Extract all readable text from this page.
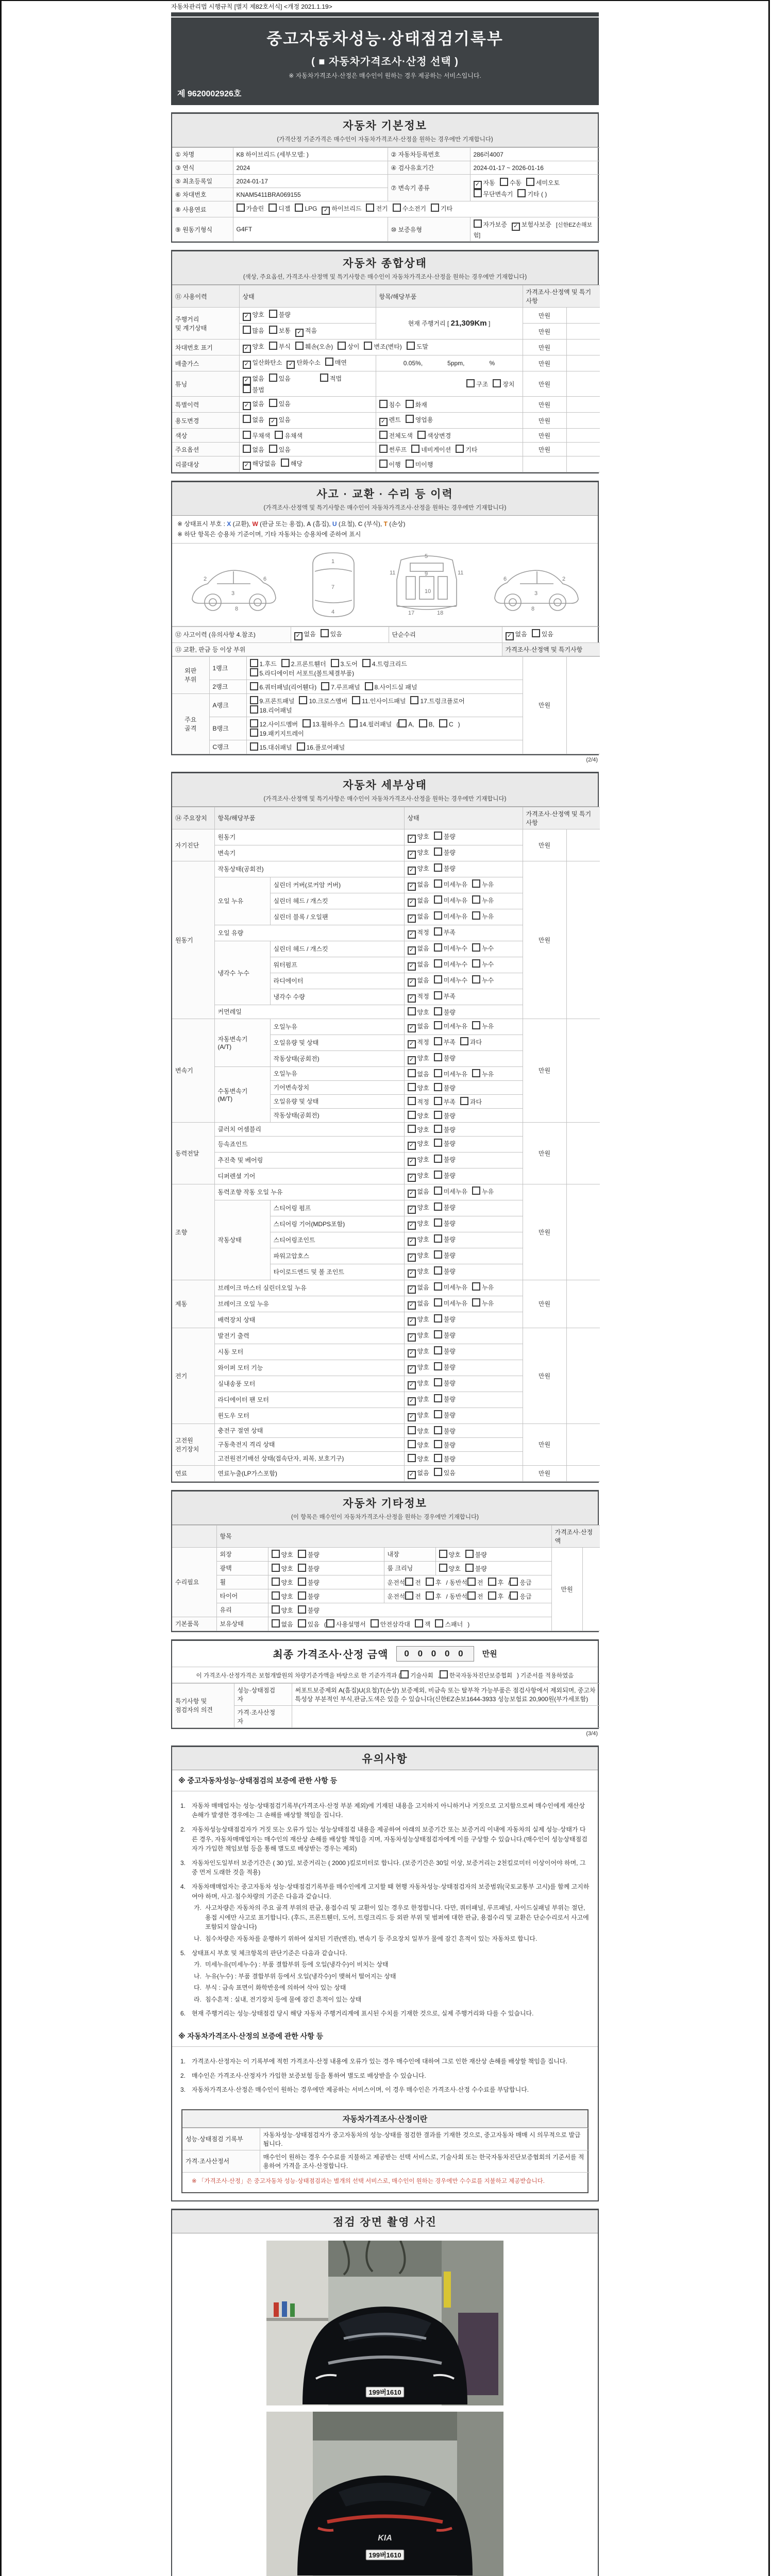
자동차관리법 시행규칙 [별지 제82호서식] <개정 2021.1.19>
중고자동차성능·상태점검기록부
( ■ 자동차가격조사·산정 선택 )
※ 자동차가격조사·산정은 매수인이 원하는 경우 제공하는 서비스입니다.
제 9620002926호
자동차 기본정보
(가격산정 기준가격은 매수인이 자동차가격조사·산정을 원하는 경우에만 기재합니다)
① 차명	K8 하이브리드 (세부모델: )	② 자동차등록번호	286러4007
③ 연식	2024	④ 검사유효기간	2024-01-17 ~ 2026-01-16
⑤ 최초등록일	2024-01-17	⑦ 변속기 종류	✓자동 수동 세미오토
무단변속기 기타 ( )
⑥ 차대번호	KNAM5411BRA069155		
⑧ 사용연료	가솔린 디젤 LPG ✓ 하이브리드 전기 수소전기 기타
⑨ 원동기형식	G4FT	⑩ 보증유형	자가보증 ✓ 보험사보증 [신한EZ손해보험]
자동차 종합상태
(색상, 주요옵션, 가격조사·산정액 및 특기사항은 매수인이 자동차가격조사·산정을 원하는 경우에만 기재합니다)
⑪ 사용이력	상태	항목/해당부품	가격조사·산정액 및 특기사항	
주행거리
및 계기상태	✓양호 불량	현재 주행거리 [ 21,309Km ]	만원	
	많음 보통 ✓ 적음		만원	
차대번호 표기	✓양호 부식 훼손(오손) 상이 변조(변타) 도말		만원	
배출가스	✓일산화탄소 ✓ 탄화수소 매연	0.05%, 5ppm, %	만원	
튜닝	✓없음 있음 적법불법	구조 장치	만원	
특별이력	✓없음 있음	침수 화재	만원	
용도변경	없음 ✓ 있음	✓렌트 영업용	만원	
색상	무채색 유채색	전체도색 색상변경	만원	
주요옵션	없음 있음	썬루프 네비게이션 기타	만원	
리콜대상	✓해당없음 해당	이행 미이행		
사고 · 교환 · 수리 등 이력
(가격조사·산정액 및 특기사항은 매수인이 자동차가격조사·산정을 원하는 경우에만 기재합니다)
※ 상태표시 부호 : X (교환), W (판금 또는 용접), A (흠집), U (요철), C (부식), T (손상)
※ 하단 항목은 승용차 기준이며, 기타 자동차는 승용차에 준하여 표시
2
3
6
8
1
7
4
5
9
11	11
10
17	18
2
3
6
8
⑫ 사고이력 (유의사항 4.참조)	✓없음 있음	단순수리	✓없음 있음
⑬ 교환, 판금 등 이상 부위			가격조사·산정액 및 특기사항
외판
부위	1랭크	1.후드 2.프론트휀더 3.도어 4.트렁크리드
5.라디에이터 서포트(볼트체결부품)	만원	
	2랭크	6.쿼터패널(리어휀다) 7.루프패널 8.사이드실 패널		
주요
골격	A랭크	9.프론트패널 10.크로스멤버 11.인사이드패널 17.트렁크플로어
18.리어패널		
	B랭크	12.사이드멤버 13.휠하우스 14.필러패널 ( A, B, C )
19.패키지트레이		
	C랭크	15.대쉬패널 16.플로어패널		
(2/4)
자동차 세부상태
(가격조사·산정액 및 특기사항은 매수인이 자동차가격조사·산정을 원하는 경우에만 기재합니다)
⑭ 주요장치	항목/해당부품		상태	가격조사·산정액 및 특기사항	
자기진단	원동기	✓양호 불량	만원	
	변속기	✓양호 불량
원동기	작동상태(공회전)	✓양호 불량	만원	
	오일 누유	실린더 커버(로커암 커버)	✓없음 미세누유 누유
		실린더 헤드 / 개스킷	✓없음 미세누유 누유
		실린더 블록 / 오일팬	✓없음 미세누유 누유
	오일 유량	✓적정 부족
	냉각수 누수	실린더 헤드 / 개스킷	✓없음 미세누수 누수
		워터펌프	✓없음 미세누수 누수
		라디에이터	✓없음 미세누수 누수
		냉각수 수량	✓적정 부족
	커먼레일		양호 불량		
변속기	자동변속기
(A/T)	오일누유	✓없음 미세누유 누유	만원	
		오일유량 및 상태	✓적정 부족 과다
		작동상태(공회전)	✓양호 불량
	수동변속기
(M/T)	오일누유	없음 미세누유 누유		
		기어변속장치	양호 불량		
		오일유량 및 상태	적정 부족 과다		
		작동상태(공회전)	양호 불량		
동력전달	클러치 어셈블리		양호 불량	만원	
	등속죠인트	✓양호 불량
	추진축 및 베어링	✓양호 불량
	디퍼렌셜 기어	✓양호 불량
조향	동력조향 작동 오일 누유	✓없음 미세누유 누유	만원	
	작동상태	스티어링 펌프	✓양호 불량
		스티어링 기어(MDPS포함)	✓양호 불량
		스티어링조인트	✓양호 불량
		파워고압호스	✓양호 불량
		타이로드엔드 및 볼 조인트	✓양호 불량
제동	브레이크 마스터 실린더오일 누유	✓없음 미세누유 누유	만원	
	브레이크 오일 누유	✓없음 미세누유 누유
	배력장치 상태	✓양호 불량
전기	발전기 출력	✓양호 불량	만원	
	시동 모터	✓양호 불량
	와이퍼 모터 기능	✓양호 불량
	실내송풍 모터	✓양호 불량
	라디에이터 팬 모터	✓양호 불량
	윈도우 모터	✓양호 불량
고전원
전기장치	충전구 절연 상태		양호 불량	만원	
	구동축전지 격리 상태		양호 불량		
	고전원전기배선 상태(접속단자, 피복, 보호기구)		양호 불량		
연료	연료누출(LP가스포함)	✓없음 있음	만원	
자동차 기타정보
(이 항목은 매수인이 자동차가격조사·산정을 원하는 경우에만 기재합니다)
	항목				가격조사·산정액	
수리필요	외장	양호 불량	내장	양호 불량	만원	
	광택	양호 불량	룸 크리닝	양호 불량		
	휠	양호 불량	운전석 전 후 / 동반석 전 후 / 응급			
	타이어	양호 불량	운전석 전 후 / 동반석 전 후 / 응급			
	유리	양호 불량				
기본품목	보유상태	없음 있음 ( 사용설명서 안전삼각대 잭 스패너 )				
최종 가격조사·산정 금액	0 0 0 0 0	만원
이 가격조사·산정가격은 보험개발원의 차량기준가액을 바탕으로 한 기준가격과 ( 기술사회 , 한국자동차진단보증협회 ) 기준서를 적용하였음
특기사항 및
점검자의 의견	성능·상태점검
자	써포트보증제외 A(흠집)U(요철)T(손상) 보증제외, 비금속 또는 탈부착 가능부품은 점검사항에서 제외되며, 중고차 특성상 부분적인 부식,판금,도색은 있을 수 있습니다(신한EZ손보1644-3933 성능보험료 20,900원(부가세포함)
	가격·조사산정
자	
(3/4)
유의사항
※ 중고자동차성능·상태점검의 보증에 관한 사항 등
1. 자동차 매매업자는 성능·상태점검기록부(가격조사·산정 부분 제외)에 기재된 내용을 고지하지 아니하거나 거짓으로 고지함으로써 매수인에게 재산상 손해가 발생한 경우에는 그 손해를 배상할 책임을 집니다.
2. 자동차성능상태점검자가 거짓 또는 오류가 있는 성능상태점검 내용을 제공하여 아래의 보증기간 또는 보증거리 이내에 자동차의 실제 성능·상태가 다른 경우, 자동차매매업자는 매수인의 재산상 손해를 배상할 책임을 지며, 자동차성능상태점검자에게 이를 구상할 수 있습니다.(매수인이 성능상태점검자가 가입한 책임보험 등을 통해 별도로 배상받는 경우는 제외)
3. 자동차인도일부터 보증기간은 ( 30 )일, 보증거리는 ( 2000 )킬로미터로 합니다. (보증기간은 30일 이상, 보증거리는 2천킬로미터 이상이어야 하며, 그 중 먼저 도래한 것을 적용)
4. 자동차매매업자는 중고자동차 성능·상태점검기록부를 매수인에게 고지할 때 현행 자동차성능·상태점검자의 보증범위(국토교통부 고시)를 함께 고지하여야 하며, 사고·침수차량의 기준은 다음과 같습니다.
가. 사고차량은 자동차의 주요 골격 부위의 판금, 용접수리 및 교환이 있는 경우로 한정합니다. 다만, 쿼터패널, 루프패널, 사이드실패널 부위는 절단, 용접 시에만 사고로 표기합니다. (후드, 프론트휀더, 도어, 트렁크리드 등 외판 부위 및 범퍼에 대한 판금, 용접수리 및 교환은 단순수리로서 사고에 포함되지 않습니다)
나. 침수차량은 자동차를 운행하기 위하여 설치된 기관(엔진), 변속기 등 주요장치 일부가 물에 잠긴 흔적이 있는 자동차로 합니다.
5. 상태표시 부호 및 체크항목의 판단기준은 다음과 같습니다.
가. 미세누유(미세누수) : 부품 결합부위 등에 오일(냉각수)이 비치는 상태
나. 누유(누수) : 부품 결합부위 등에서 오일(냉각수)이 맺혀서 떨어지는 상태
다. 부식 : 금속 표면이 화학반응에 의하여 삭아 있는 상태
라. 침수흔적 : 실내, 전기장치 등에 물에 잠긴 흔적이 있는 상태
6. 현재 주행거리는 성능·상태점검 당시 해당 자동차 주행거리계에 표시된 수치를 기재한 것으로, 실제 주행거리와 다를 수 있습니다.
※ 자동차가격조사·산정의 보증에 관한 사항 등
1. 가격조사·산정자는 이 기록부에 적힌 가격조사·산정 내용에 오류가 있는 경우 매수인에 대하여 그로 인한 재산상 손해를 배상할 책임을 집니다.
2. 매수인은 가격조사·산정자가 가입한 보증보험 등을 통하여 별도로 배상받을 수 있습니다.
3. 자동차가격조사·산정은 매수인이 원하는 경우에만 제공하는 서비스이며, 이 경우 매수인은 가격조사·산정 수수료를 부담합니다.
자동차가격조사·산정이란
성능·상태점검 기록부	자동차성능·상태점검자가 중고자동차의 성능·상태를 점검한 결과를 기재한 것으로, 중고자동차 매매 시 의무적으로 발급됩니다.
가격·조사산정서	매수인이 원하는 경우 수수료를 지불하고 제공받는 선택 서비스로, 기술사회 또는 한국자동차진단보증협회의 기준서를 적용하여 가격을 조사·산정합니다.
※ 「가격조사·산정」은 중고자동차 성능·상태점검과는 별개의 선택 서비스로, 매수인이 원하는 경우에만 수수료를 지불하고 제공받습니다.
점검 장면 촬영 사진
199버1610
KIA
199버1610
